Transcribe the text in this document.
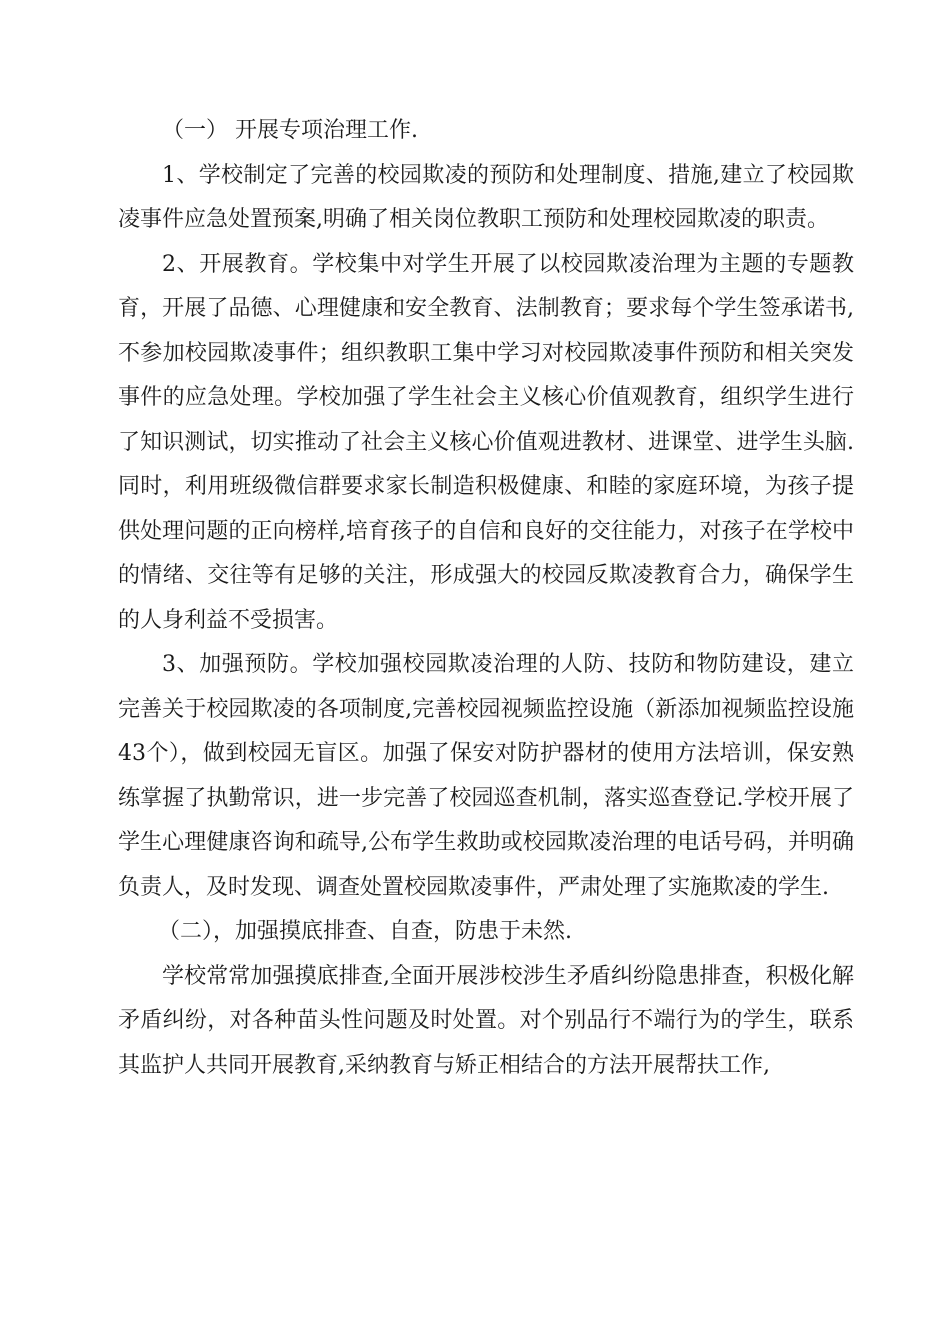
（一） 开展专项治理工作.

1、学校制定了完善的校园欺凌的预防和处理制度、措施,建立了校园欺凌事件应急处置预案,明确了相关岗位教职工预防和处理校园欺凌的职责。

2、开展教育。学校集中对学生开展了以校园欺凌治理为主题的专题教育，开展了品德、心理健康和安全教育、法制教育；要求每个学生签承诺书,不参加校园欺凌事件；组织教职工集中学习对校园欺凌事件预防和相关突发事件的应急处理。学校加强了学生社会主义核心价值观教育，组织学生进行了知识测试，切实推动了社会主义核心价值观进教材、进课堂、进学生头脑.同时，利用班级微信群要求家长制造积极健康、和睦的家庭环境，为孩子提供处理问题的正向榜样,培育孩子的自信和良好的交往能力，对孩子在学校中的情绪、交往等有足够的关注，形成强大的校园反欺凌教育合力，确保学生的人身利益不受损害。

3、加强预防。学校加强校园欺凌治理的人防、技防和物防建设，建立完善关于校园欺凌的各项制度,完善校园视频监控设施（新添加视频监控设施43个），做到校园无盲区。加强了保安对防护器材的使用方法培训，保安熟练掌握了执勤常识，进一步完善了校园巡查机制，落实巡查登记.学校开展了学生心理健康咨询和疏导,公布学生救助或校园欺凌治理的电话号码，并明确负责人，及时发现、调查处置校园欺凌事件，严肃处理了实施欺凌的学生.

（二），加强摸底排查、自查，防患于未然.

学校常常加强摸底排查,全面开展涉校涉生矛盾纠纷隐患排查，积极化解矛盾纠纷，对各种苗头性问题及时处置。对个别品行不端行为的学生，联系其监护人共同开展教育,采纳教育与矫正相结合的方法开展帮扶工作,
